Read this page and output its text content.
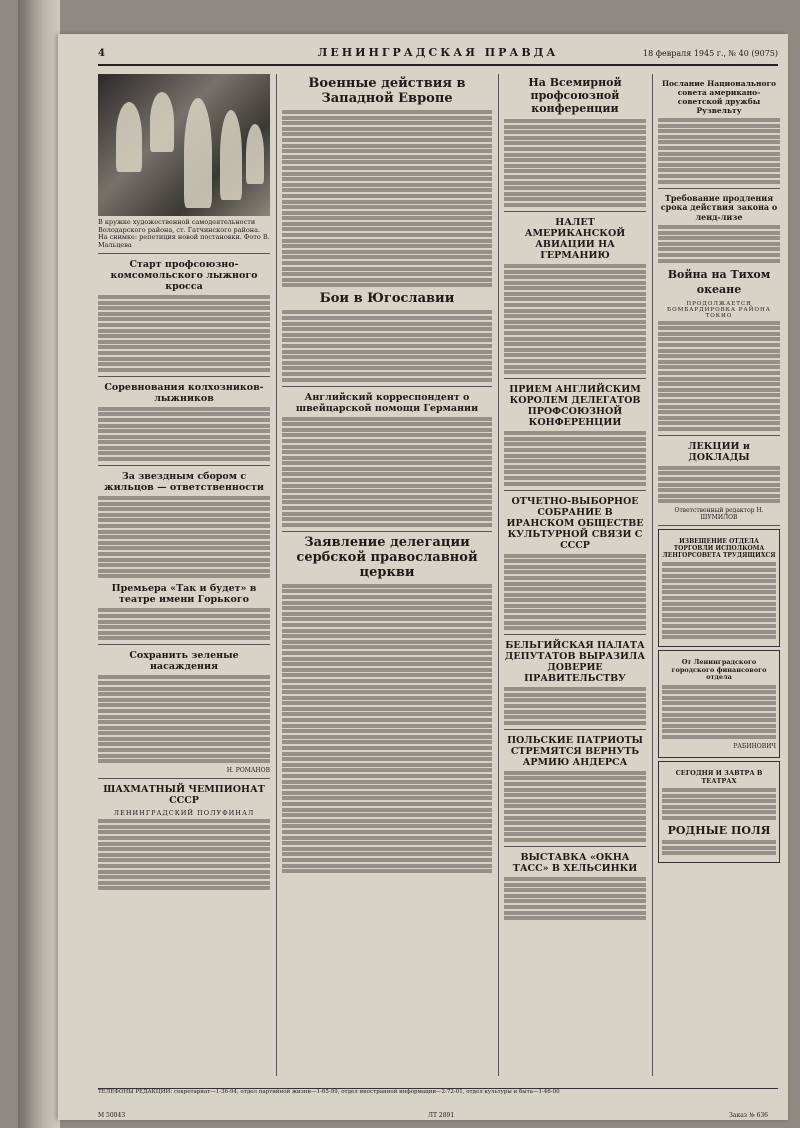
4	ЛЕНИНГРАДСКАЯ ПРАВДА	18 февраля 1945 г., № 40 (9075)
В кружке художественной самодеятельности Володарского района, ст. Гатчинского района. На снимке: репетиция новой постановки. Фото В. Мальцева
Старт профсоюзно-комсомольского лыжного кросса
Соревнования колхозников-лыжников
За звездным сбором с жильцов — ответственности
Премьера «Так и будет» в театре имени Горького
Сохранить зеленые насаждения
Н. РОМАНОВ
ШАХМАТНЫЙ ЧЕМПИОНАТ СССР
ЛЕНИНГРАДСКИЙ ПОЛУФИНАЛ
Военные действия в Западной Европе
Бои в Югославии
Английский корреспондент о швейцарской помощи Германии
Заявление делегации сербской православной церкви
На Всемирной профсоюзной конференции
НАЛЕТ АМЕРИКАНСКОЙ АВИАЦИИ НА ГЕРМАНИЮ
ПРИЕМ АНГЛИЙСКИМ КОРОЛЕМ ДЕЛЕГАТОВ ПРОФСОЮЗНОЙ КОНФЕРЕНЦИИ
ОТЧЕТНО-ВЫБОРНОЕ СОБРАНИЕ В ИРАНСКОМ ОБЩЕСТВЕ КУЛЬТУРНОЙ СВЯЗИ С СССР
БЕЛЬГИЙСКАЯ ПАЛАТА ДЕПУТАТОВ ВЫРАЗИЛА ДОВЕРИЕ ПРАВИТЕЛЬСТВУ
ПОЛЬСКИЕ ПАТРИОТЫ СТРЕМЯТСЯ ВЕРНУТЬ АРМИЮ АНДЕРСА
ВЫСТАВКА «ОКНА ТАСС» В ХЕЛЬСИНКИ
Послание Национального совета американо-советской дружбы Рузвельту
Требование продления срока действия закона о ленд-лизе
Война на Тихом океане
ПРОДОЛЖАЕТСЯ БОМБАРДИРОВКА РАЙОНА ТОКИО
ЛЕКЦИИ и ДОКЛАДЫ
Ответственный редактор Н. ШУМИЛОВ
ИЗВЕЩЕНИЕ ОТДЕЛА ТОРГОВЛИ ИСПОЛКОМА ЛЕНГОРСОВЕТА ТРУДЯЩИХСЯ
От Ленинградского городского финансового отдела
РАБИНОВИЧ
СЕГОДНЯ И ЗАВТРА В ТЕАТРАХ
РОДНЫЕ ПОЛЯ
ТЕЛЕФОНЫ РЕДАКЦИИ: секретариат—1-36-94, отдел партийной жизни—1-65-99, отдел иностранной информации—2-72-01, отдел культуры и быта—1-46-00
М 50043	ЛТ 2891	Заказ № 636
